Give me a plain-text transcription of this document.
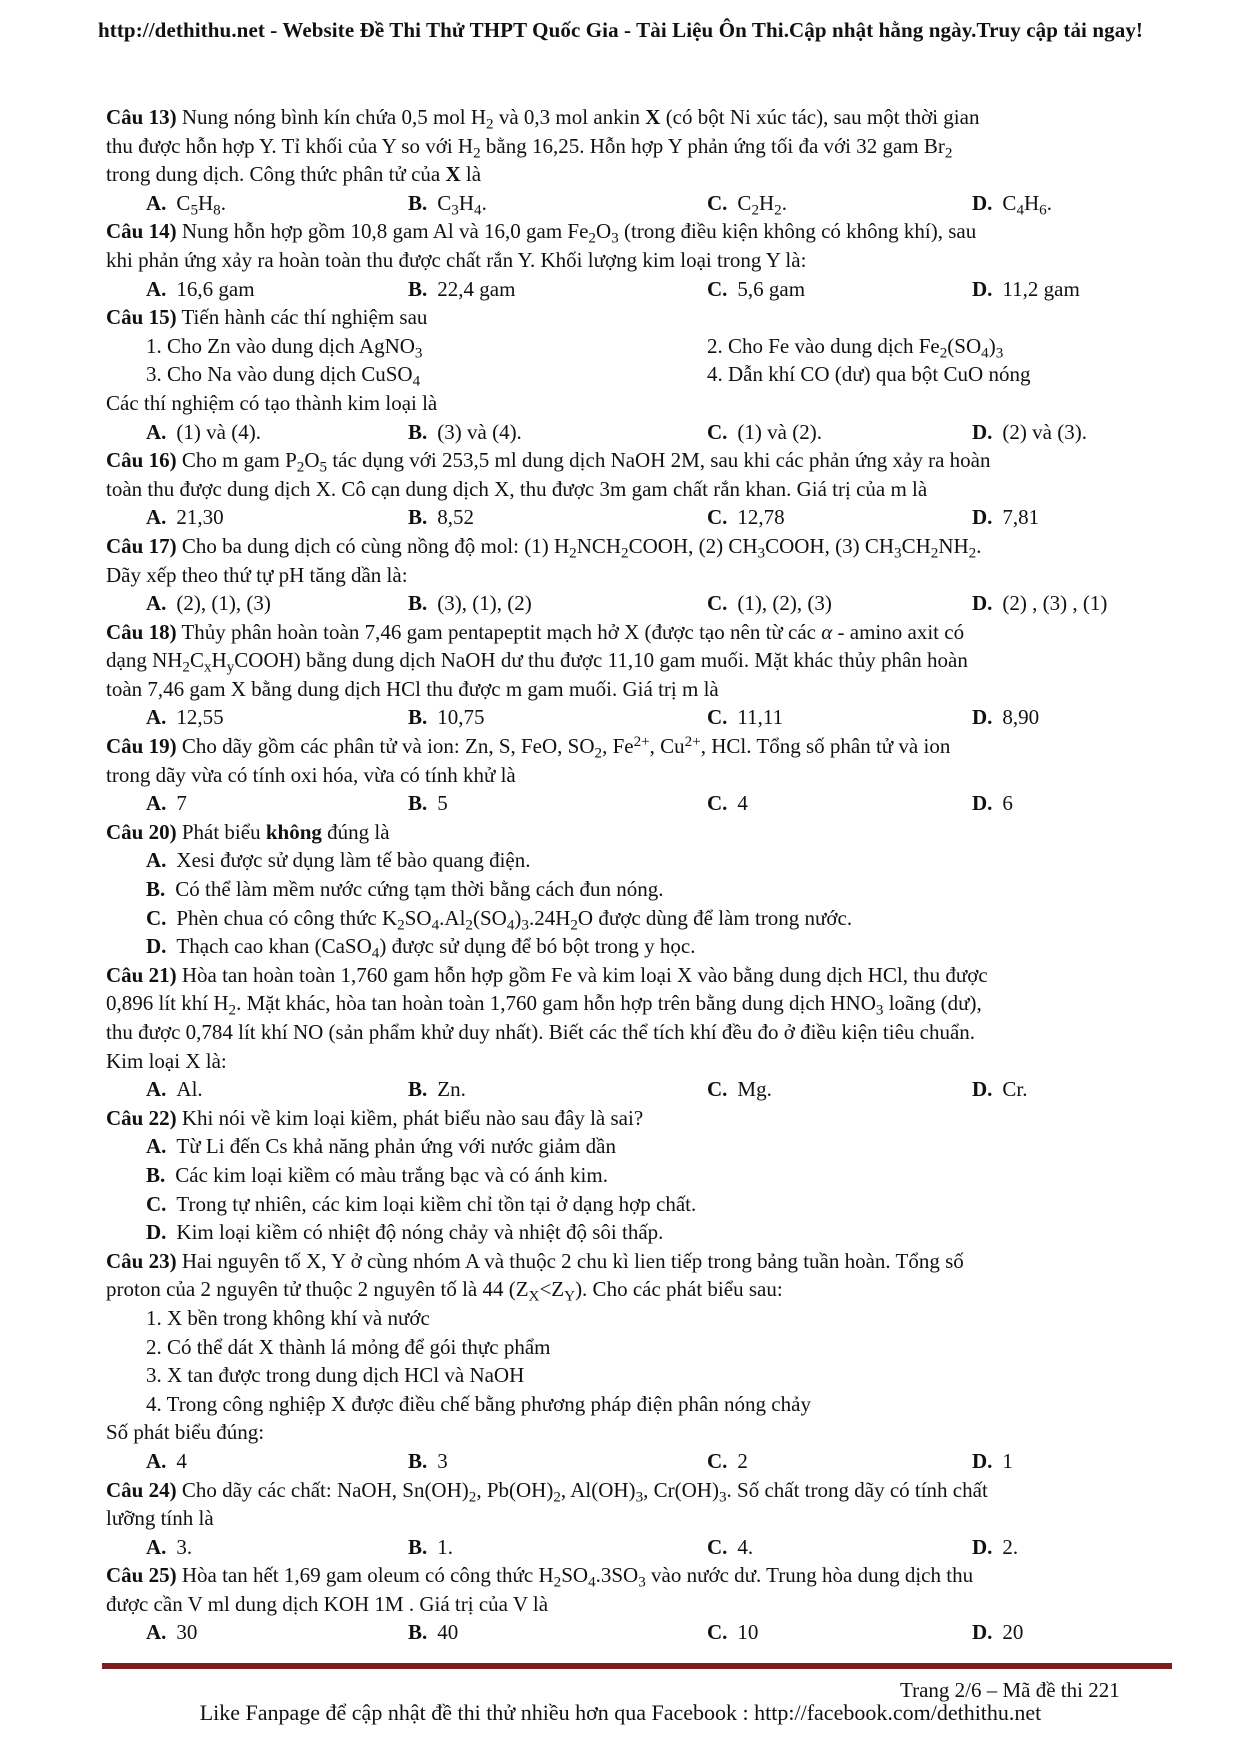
http://dethithu.net - Website Đề Thi Thử THPT Quốc Gia - Tài Liệu Ôn Thi.Cập nhật hằng ngày.Truy cập tải ngay!
Câu 13) Nung nóng bình kín chứa 0,5 mol $H_2$ và 0,3 mol ankin X (có bột Ni xúc tác), sau một thời gian
thu được hỗn hợp Y. Tỉ khối của Y so với $H_2$ bằng 16,25. Hỗn hợp Y phản ứng tối đa với 32 gam $Br_2$
trong dung dịch. Công thức phân tử của X là
A. $C_5H_8$.	B. $C_3H_4$.	C. $C_2H_2$.	D. $C_4H_6$.
Câu 14) Nung hỗn hợp gồm 10,8 gam Al và 16,0 gam $Fe_2O_3$ (trong điều kiện không có không khí), sau
khi phản ứng xảy ra hoàn toàn thu được chất rắn Y. Khối lượng kim loại trong Y là:
A. 16,6 gam	B. 22,4 gam	C. 5,6 gam	D. 11,2 gam
Câu 15) Tiến hành các thí nghiệm sau
1. Cho Zn vào dung dịch AgNO$_3$	2. Cho Fe vào dung dịch $Fe_2(SO_4)_3$
3. Cho Na vào dung dịch CuSO$_4$	4. Dẫn khí CO (dư) qua bột CuO nóng
Các thí nghiệm có tạo thành kim loại là
A. (1) và (4).	B. (3) và (4).	C. (1) và (2).	D. (2) và (3).
Câu 16) Cho m gam $P_2O_5$ tác dụng với 253,5 ml dung dịch NaOH 2M, sau khi các phản ứng xảy ra hoàn
toàn thu được dung dịch X. Cô cạn dung dịch X, thu được 3m gam chất rắn khan. Giá trị của m là
A. 21,30	B. 8,52	C. 12,78	D. 7,81
Câu 17) Cho ba dung dịch có cùng nồng độ mol: (1) $H_2NCH_2COOH$, (2) $CH_3COOH$, (3) $CH_3CH_2NH_2$.
Dãy xếp theo thứ tự pH tăng dần là:
A. (2), (1), (3)	B. (3), (1), (2)	C. (1), (2), (3)	D. (2) , (3) , (1)
Câu 18) Thủy phân hoàn toàn 7,46 gam pentapeptit mạch hở X (được tạo nên từ các α - amino axit có
dạng $NH_2C_xH_yCOOH$) bằng dung dịch NaOH dư thu được 11,10 gam muối. Mặt khác thủy phân hoàn
toàn 7,46 gam X bằng dung dịch HCl thu được m gam muối. Giá trị m là
A. 12,55	B. 10,75	C. 11,11	D. 8,90
Câu 19) Cho dãy gồm các phân tử và ion: Zn, S, FeO, $SO_2$, $Fe^{2+}$, $Cu^{2+}$, HCl. Tổng số phân tử và ion
trong dãy vừa có tính oxi hóa, vừa có tính khử là
A. 7	B. 5	C. 4	D. 6
Câu 20) Phát biểu không đúng là
A. Xesi được sử dụng làm tế bào quang điện.
B. Có thể làm mềm nước cứng tạm thời bằng cách đun nóng.
C. Phèn chua có công thức $K_2SO_4.Al_2(SO_4)_3.24H_2O$ được dùng để làm trong nước.
D. Thạch cao khan (CaSO$_4$) được sử dụng để bó bột trong y học.
Câu 21) Hòa tan hoàn toàn 1,760 gam hỗn hợp gồm Fe và kim loại X vào bằng dung dịch HCl, thu được
0,896 lít khí $H_2$. Mặt khác, hòa tan hoàn toàn 1,760 gam hỗn hợp trên bằng dung dịch $HNO_3$ loãng (dư),
thu được 0,784 lít khí NO (sản phẩm khử duy nhất). Biết các thể tích khí đều đo ở điều kiện tiêu chuẩn.
Kim loại X là:
A. Al.	B. Zn.	C. Mg.	D. Cr.
Câu 22) Khi nói về kim loại kiềm, phát biểu nào sau đây là sai?
A. Từ Li đến Cs khả năng phản ứng với nước giảm dần
B. Các kim loại kiềm có màu trắng bạc và có ánh kim.
C. Trong tự nhiên, các kim loại kiềm chỉ tồn tại ở dạng hợp chất.
D. Kim loại kiềm có nhiệt độ nóng chảy và nhiệt độ sôi thấp.
Câu 23) Hai nguyên tố X, Y ở cùng nhóm A và thuộc 2 chu kì lien tiếp trong bảng tuần hoàn. Tổng số
proton của 2 nguyên tử thuộc 2 nguyên tố là 44 $(Z_X<Z_Y)$. Cho các phát biểu sau:
1. X bền trong không khí và nước
2. Có thể dát X thành lá mỏng để gói thực phẩm
3. X tan được trong dung dịch HCl và NaOH
4. Trong công nghiệp X được điều chế bằng phương pháp điện phân nóng chảy
Số phát biểu đúng:
A. 4	B. 3	C. 2	D. 1
Câu 24) Cho dãy các chất: NaOH, $Sn(OH)_2$, $Pb(OH)_2$, $Al(OH)_3$, $Cr(OH)_3$. Số chất trong dãy có tính chất
lưỡng tính là
A. 3.	B. 1.	C. 4.	D. 2.
Câu 25) Hòa tan hết 1,69 gam oleum có công thức $H_2SO_4.3SO_3$ vào nước dư. Trung hòa dung dịch thu
được cần V ml dung dịch KOH 1M . Giá trị của V là
A. 30	B. 40	C. 10	D. 20
Trang 2/6 – Mã đề thi 221
Like Fanpage để cập nhật đề thi thử nhiều hơn qua Facebook : http://facebook.com/dethithu.net
